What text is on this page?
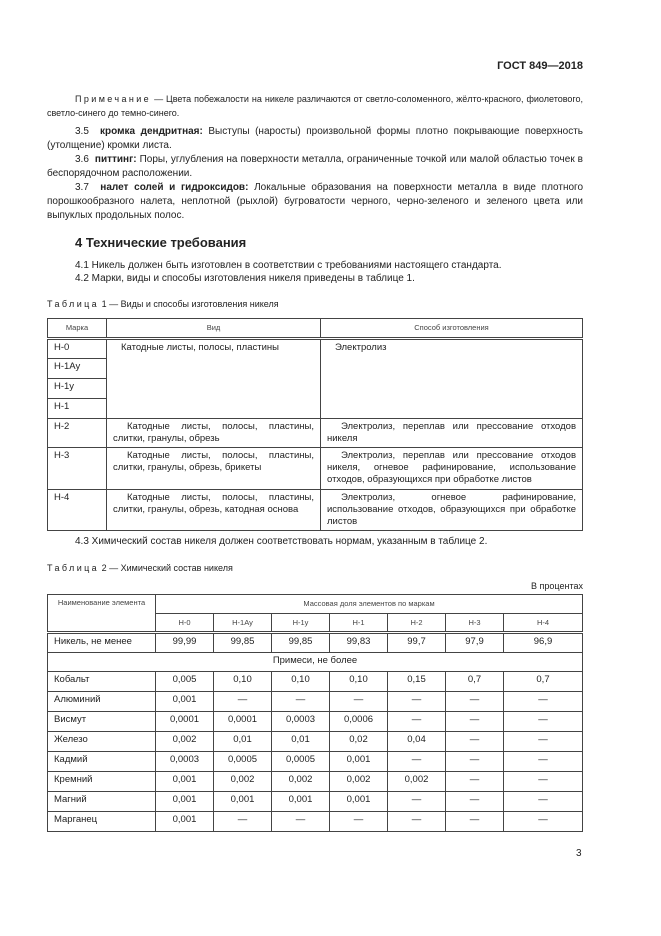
ГОСТ 849—2018
Примечание — Цвета побежалости на никеле различаются от светло-соломенного, жёлто-красного, фиолетового, светло-синего до темно-синего.
3.5 кромка дендритная: Выступы (наросты) произвольной формы плотно покрывающие поверхность (утолщение) кромки листа.
3.6 питтинг: Поры, углубления на поверхности металла, ограниченные точкой или малой областью точек в беспорядочном расположении.
3.7 налет солей и гидроксидов: Локальные образования на поверхности металла в виде плотного порошкообразного налета, неплотной (рыхлой) бугроватости черного, черно-зеленого и зеленого цвета или выпуклых продольных полос.
4 Технические требования
4.1 Никель должен быть изготовлен в соответствии с требованиями настоящего стандарта.
4.2 Марки, виды и способы изготовления никеля приведены в таблице 1.
Таблица 1 — Виды и способы изготовления никеля
Марка	Вид	Способ изготовления
Н-0	Катодные листы, полосы, пластины	Электролиз
Н-1Ау		
Н-1у		
Н-1		
Н-2	Катодные листы, полосы, пластины, слитки, гранулы, обрезь	Электролиз, переплав или прессование отходов никеля
Н-3	Катодные листы, полосы, пластины, слитки, гранулы, обрезь, брикеты	Электролиз, переплав или прессование отходов никеля, огневое рафинирование, использование отходов, образующихся при обработке листов
Н-4	Катодные листы, полосы, пластины, слитки, гранулы, обрезь, катодная основа	Электролиз, огневое рафинирование, использование отходов, образующихся при обработке листов
4.3 Химический состав никеля должен соответствовать нормам, указанным в таблице 2.
Таблица 2 — Химический состав никеля
В процентах
Наименование элемента	Массовая доля элементов по маркам						
	Н-0	Н-1Ау	Н-1у	Н-1	Н-2	Н-3	Н-4
Никель, не менее	99,99	99,85	99,85	99,83	99,7	97,9	96,9
Примеси, не более							
Кобальт	0,005	0,10	0,10	0,10	0,15	0,7	0,7
Алюминий	0,001	—	—	—	—	—	—
Висмут	0,0001	0,0001	0,0003	0,0006	—	—	—
Железо	0,002	0,01	0,01	0,02	0,04	—	—
Кадмий	0,0003	0,0005	0,0005	0,001	—	—	—
Кремний	0,001	0,002	0,002	0,002	0,002	—	—
Магний	0,001	0,001	0,001	0,001	—	—	—
Марганец	0,001	—	—	—	—	—	—
3
